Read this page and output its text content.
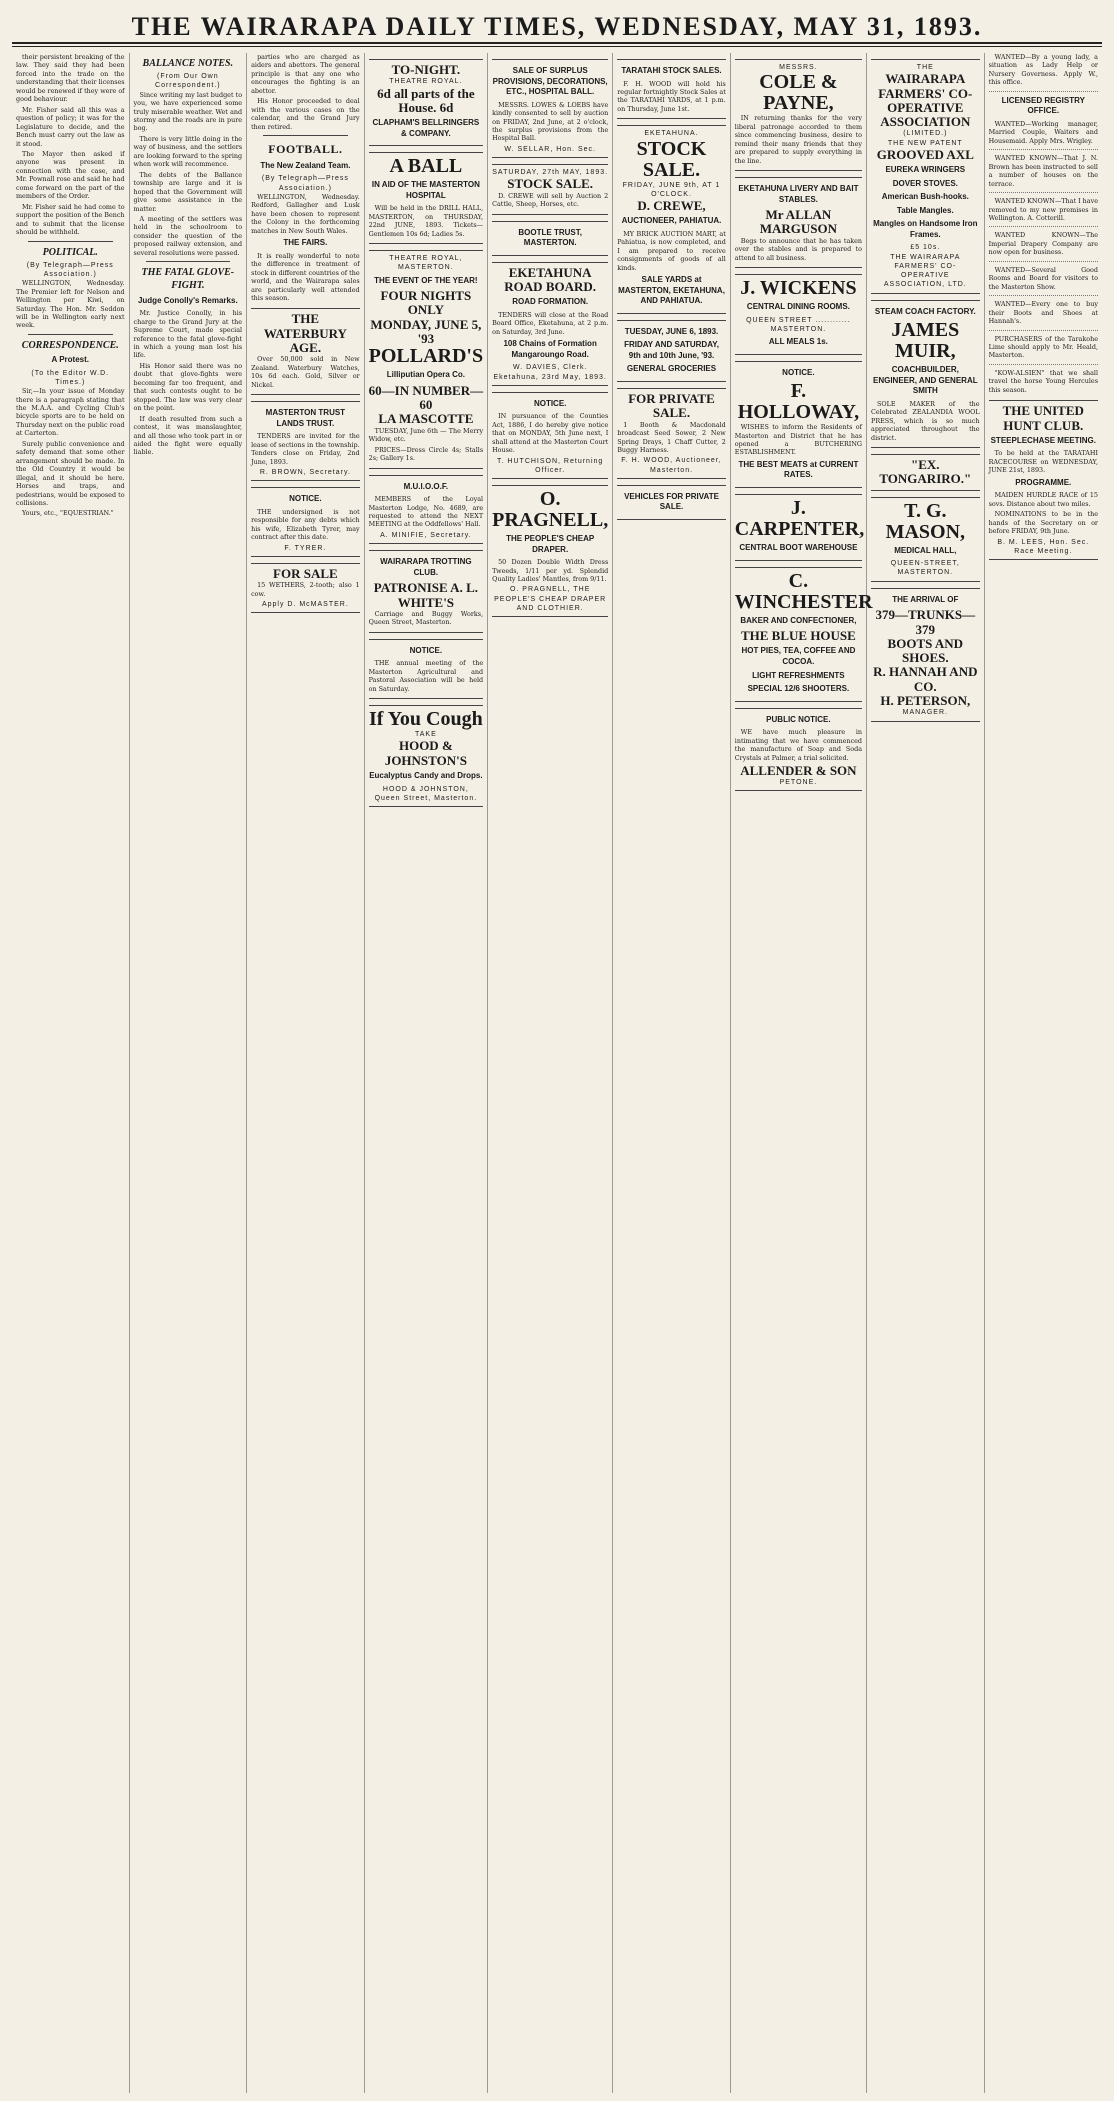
THE WAIRARAPA DAILY TIMES, WEDNESDAY, MAY 31, 1893.

their persistent breaking of the law. They said they had been forced into the trade on the understanding that their licenses would be renewed if they were of good behaviour.

Mr. Fisher said all this was a question of policy; it was for the Legislature to decide, and the Bench must carry out the law as it stood.

The Mayor then asked if anyone was present in connection with the case, and Mr. Pownall rose and said he had come forward on the part of the members of the Order.

Mr. Fisher said he had come to support the position of the Bench and to submit that the license should be withheld.

POLITICAL.
(By Telegraph—Press Association.)

WELLINGTON, Wednesday. The Premier left for Nelson and Wellington per Kiwi, on Saturday. The Hon. Mr. Seddon will be in Wellington early next week.

CORRESPONDENCE.
A Protest.
(To the Editor W.D. Times.)

Sir,—In your issue of Monday there is a paragraph stating that the M.A.A. and Cycling Club's bicycle sports are to be held on Thursday next on the public road at Carterton.

Surely public convenience and safety demand that some other arrangement should be made. In the Old Country it would be illegal, and it should be here. Horses and traps, and pedestrians, would be exposed to collisions.

Yours, etc., "EQUESTRIAN."

BALLANCE NOTES.
(From Our Own Correspondent.)

Since writing my last budget to you, we have experienced some truly miserable weather. Wet and stormy and the roads are in pure bog.

There is very little doing in the way of business, and the settlers are looking forward to the spring when work will recommence.

The debts of the Ballance township are large and it is hoped that the Government will give some assistance in the matter.

A meeting of the settlers was held in the schoolroom to consider the question of the proposed railway extension, and several resolutions were passed.

THE FATAL GLOVE-FIGHT.
Judge Conolly's Remarks.

Mr. Justice Conolly, in his charge to the Grand Jury at the Supreme Court, made special reference to the fatal glove-fight in which a young man lost his life.

His Honor said there was no doubt that glove-fights were becoming far too frequent, and that such contests ought to be stopped. The law was very clear on the point.

If death resulted from such a contest, it was manslaughter, and all those who took part in or aided the fight were equally liable.

parties who are charged as aiders and abettors. The general principle is that any one who encourages the fighting is an abettor.

His Honor proceeded to deal with the various cases on the calendar, and the Grand Jury then retired.

FOOTBALL.
The New Zealand Team.
(By Telegraph—Press Association.)

WELLINGTON, Wednesday. Redford, Gallagher and Lusk have been chosen to represent the Colony in the forthcoming matches in New South Wales.

THE FAIRS.

It is really wonderful to note the difference in treatment of stock in different countries of the world, and the Wairarapa sales are particularly well attended this season.

THE WATERBURY AGE.

Over 50,000 sold in New Zealand. Waterbury Watches, 10s 6d each. Gold, Silver or Nickel.

MASTERTON TRUST LANDS TRUST.

TENDERS are invited for the lease of sections in the township. Tenders close on Friday, 2nd June, 1893.

R. BROWN, Secretary.
NOTICE.

THE undersigned is not responsible for any debts which his wife, Elizabeth Tyrer, may contract after this date.

F. TYRER.
FOR SALE

15 WETHERS, 2-tooth; also 1 cow.

Apply D. McMASTER.
TO-NIGHT.
THEATRE ROYAL.
6d all parts of the House. 6d
CLAPHAM'S BELLRINGERS & COMPANY.
A BALL
IN AID OF THE MASTERTON HOSPITAL

Will be held in the DRILL HALL, MASTERTON, on THURSDAY, 22nd JUNE, 1893. Tickets—Gentlemen 10s 6d; Ladies 5s.

THEATRE ROYAL, MASTERTON.
THE EVENT OF THE YEAR!
FOUR NIGHTS ONLY
MONDAY, JUNE 5, '93
POLLARD'S
Lilliputian Opera Co.
60—IN NUMBER—60
LA MASCOTTE

TUESDAY, June 6th — The Merry Widow, etc.

PRICES—Dress Circle 4s; Stalls 2s; Gallery 1s.

M.U.I.O.O.F.

MEMBERS of the Loyal Masterton Lodge, No. 4689, are requested to attend the NEXT MEETING at the Oddfellows' Hall.

A. MINIFIE, Secretary.
WAIRARAPA TROTTING CLUB.
PATRONISE A. L. WHITE'S

Carriage and Buggy Works, Queen Street, Masterton.

NOTICE.

THE annual meeting of the Masterton Agricultural and Pastoral Association will be held on Saturday.

If You Cough
TAKE
HOOD & JOHNSTON'S
Eucalyptus Candy and Drops.
HOOD & JOHNSTON, Queen Street, Masterton.
SALE OF SURPLUS PROVISIONS, DECORATIONS, ETC., HOSPITAL BALL.

MESSRS. LOWES & LOEBS have kindly consented to sell by auction on FRIDAY, 2nd June, at 2 o'clock, the surplus provisions from the Hospital Ball.

W. SELLAR, Hon. Sec.
SATURDAY, 27th MAY, 1893.
STOCK SALE.

D. CREWE will sell by Auction 2 Cattle, Sheep, Horses, etc.

BOOTLE TRUST, MASTERTON.
EKETAHUNA ROAD BOARD.
ROAD FORMATION.

TENDERS will close at the Road Board Office, Eketahuna, at 2 p.m. on Saturday, 3rd June.

108 Chains of Formation Mangaroungo Road.
W. DAVIES, Clerk.
Eketahuna, 23rd May, 1893.
NOTICE.

IN pursuance of the Counties Act, 1886, I do hereby give notice that on MONDAY, 5th June next, I shall attend at the Masterton Court House.

T. HUTCHISON, Returning Officer.
O. PRAGNELL,
THE PEOPLE'S CHEAP DRAPER.

50 Dozen Double Width Dress Tweeds, 1/11 per yd. Splendid Quality Ladies' Mantles, from 9/11.

O. PRAGNELL, THE PEOPLE'S CHEAP DRAPER AND CLOTHIER.
TARATAHI STOCK SALES.

F. H. WOOD will hold his regular fortnightly Stock Sales at the TARATAHI YARDS, at 1 p.m. on Thursday, June 1st.

EKETAHUNA.
STOCK SALE.
FRIDAY, JUNE 9th, AT 1 O'CLOCK.
D. CREWE,
AUCTIONEER, PAHIATUA.

MY BRICK AUCTION MART, at Pahiatua, is now completed, and I am prepared to receive consignments of goods of all kinds.

SALE YARDS at MASTERTON, EKETAHUNA, AND PAHIATUA.
TUESDAY, JUNE 6, 1893.
FRIDAY AND SATURDAY, 9th and 10th June, '93.
GENERAL GROCERIES
FOR PRIVATE SALE.

1 Booth & Macdonald broadcast Seed Sower, 2 New Spring Drays, 1 Chaff Cutter, 2 Buggy Harness.

F. H. WOOD, Auctioneer, Masterton.
VEHICLES FOR PRIVATE SALE.
MESSRS.
COLE &
PAYNE,

IN returning thanks for the very liberal patronage accorded to them since commencing business, desire to remind their many friends that they are prepared to supply everything in the line.

EKETAHUNA LIVERY AND BAIT STABLES.
Mr ALLAN MARGUSON

Begs to announce that he has taken over the stables and is prepared to attend to all business.

J. WICKENS
CENTRAL DINING ROOMS.
QUEEN STREET ............ MASTERTON.
ALL MEALS 1s.
NOTICE.
F. HOLLOWAY,

WISHES to inform the Residents of Masterton and District that he has opened a BUTCHERING ESTABLISHMENT.

THE BEST MEATS at CURRENT RATES.
J. CARPENTER,
CENTRAL BOOT WAREHOUSE
C. WINCHESTER
BAKER AND CONFECTIONER,
THE BLUE HOUSE
HOT PIES, TEA, COFFEE AND COCOA.
LIGHT REFRESHMENTS
SPECIAL 12/6 SHOOTERS.
PUBLIC NOTICE.

WE have much pleasure in intimating that we have commenced the manufacture of Soap and Soda Crystals at Palmer, a trial solicited.

ALLENDER & SON
PETONE.
THE
WAIRARAPA FARMERS' CO-OPERATIVE ASSOCIATION
(LIMITED.)
THE NEW PATENT
GROOVED AXL
EUREKA WRINGERS
DOVER STOVES.
American Bush-hooks.
Table Mangles.
Mangles on Handsome Iron Frames.
£5 10s.
THE WAIRARAPA FARMERS' CO-OPERATIVE ASSOCIATION, LTD.
STEAM COACH FACTORY.
JAMES MUIR,
COACHBUILDER, ENGINEER, AND GENERAL SMITH

SOLE MAKER of the Celebrated ZEALANDIA WOOL PRESS, which is so much appreciated throughout the district.

"EX. TONGARIRO."
T. G. MASON,
MEDICAL HALL,
QUEEN-STREET, MASTERTON.
THE ARRIVAL OF
379—TRUNKS—379
BOOTS AND SHOES.
R. HANNAH AND CO.
H. PETERSON,
MANAGER.

WANTED—By a young lady, a situation as Lady Help or Nursery Governess. Apply W., this office.

LICENSED REGISTRY OFFICE.

WANTED—Working manager, Married Couple, Waiters and Housemaid. Apply Mrs. Wrigley.

WANTED KNOWN—That J. N. Brown has been instructed to sell a number of houses on the terrace.

WANTED KNOWN—That I have removed to my new premises in Wellington. A. Cotterill.

WANTED KNOWN—The Imperial Drapery Company are now open for business.

WANTED—Several Good Rooms and Board for visitors to the Masterton Show.

WANTED—Every one to buy their Boots and Shoes at Hannah's.

PURCHASERS of the Tarakohe Lime should apply to Mr. Heald, Masterton.

"KOW-ALSIEN" that we shall travel the horse Young Hercules this season.

THE UNITED HUNT CLUB.
STEEPLECHASE MEETING.

To be held at the TARATAHI RACECOURSE on WEDNESDAY, JUNE 21st, 1893.

PROGRAMME.

MAIDEN HURDLE RACE of 15 sovs. Distance about two miles.

NOMINATIONS to be in the hands of the Secretary on or before FRIDAY, 9th June.

B. M. LEES, Hon. Sec. Race Meeting.
